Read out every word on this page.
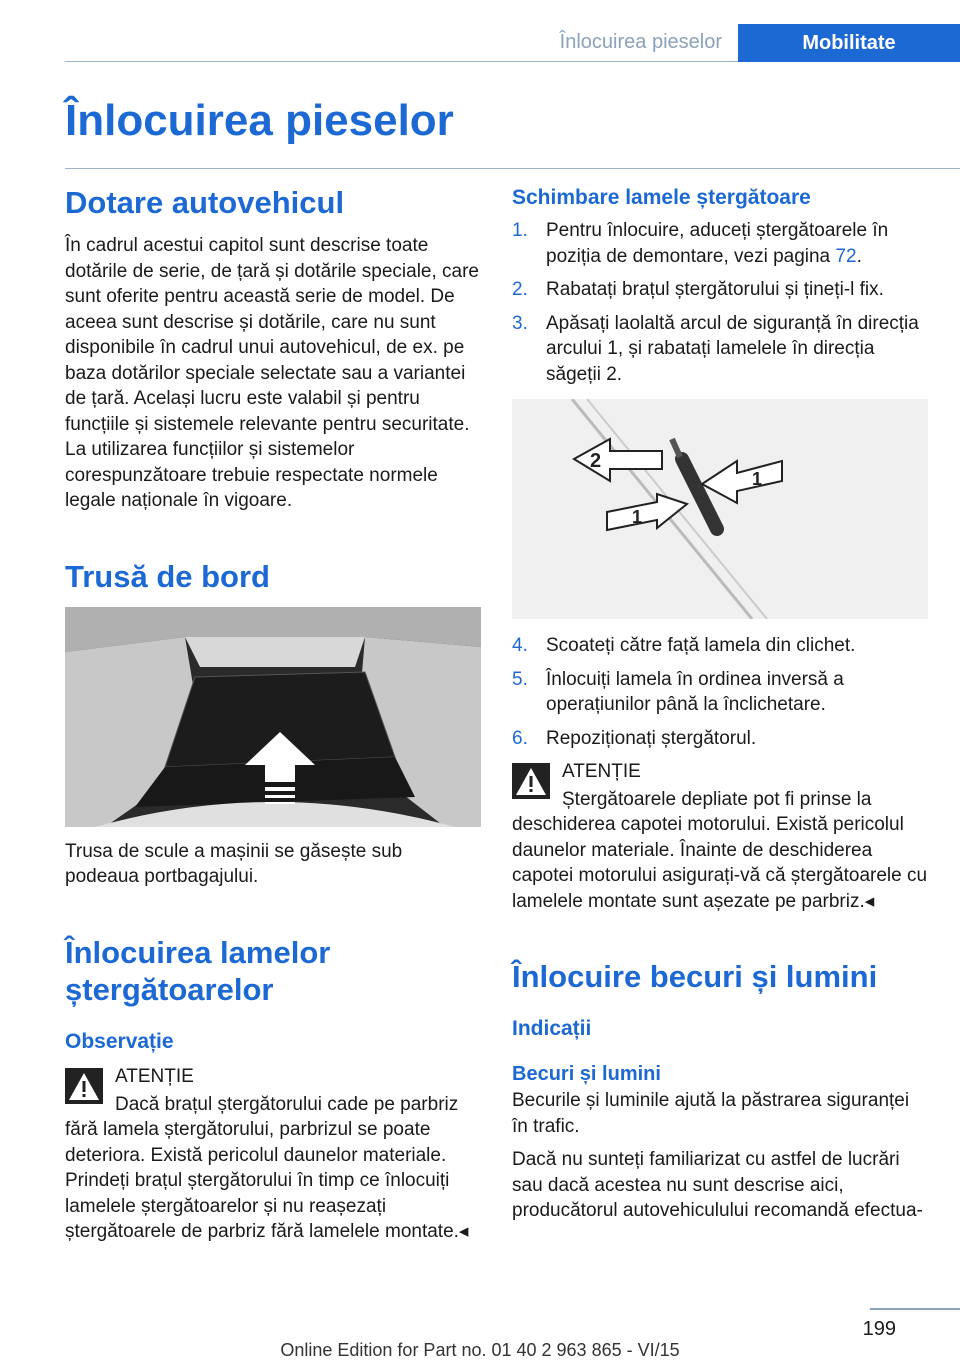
Înlocuirea pieselor	Mobilitate
Înlocuirea pieselor
Dotare autovehicul

În cadrul acestui capitol sunt descrise toate dotările de serie, de țară și dotările speciale, care sunt oferite pentru această serie de model. De aceea sunt descrise și dotările, care nu sunt disponibile în cadrul unui autovehicul, de ex. pe baza dotărilor speciale selectate sau a variantei de țară. Același lucru este valabil și pentru funcțiile și sistemele relevante pentru securitate. La utilizarea funcțiilor și sistemelor corespunzătoare trebuie respectate normele legale naționale în vigoare.

Trusă de bord

Trusa de scule a mașinii se găsește sub podeaua portbagajului.

Înlocuirea lamelor ștergătoarelor
Observație
ATENȚIE
Dacă brațul ștergătorului cade pe parbriz fără lamela ștergătorului, parbrizul se poate deteriora. Există pericolul daunelor materiale. Prindeți brațul ștergătorului în timp ce înlocuiți lamelele ștergătoarelor și nu reașezați ștergătoarele de parbriz fără lamelele montate.◂
Schimbare lamele ștergătoare
1. Pentru înlocuire, aduceți ștergătoarele în poziția de demontare, vezi pagina 72.
2. Rabatați brațul ștergătorului și țineți-l fix.
3. Apăsați laolaltă arcul de siguranță în direcția arcului 1, și rabatați lamelele în direcția săgeții 2.
2
1
1
4. Scoateți către față lamela din clichet.
5. Înlocuiți lamela în ordinea inversă a operațiunilor până la înclichetare.
6. Repoziționați ștergătorul.
ATENȚIE
Ștergătoarele depliate pot fi prinse la deschiderea capotei motorului. Există pericolul daunelor materiale. Înainte de deschiderea capotei motorului asigurați-vă că ștergătoarele cu lamelele montate sunt așezate pe parbriz.◂
Înlocuire becuri și lumini
Indicații
Becuri și lumini

Becurile și luminile ajută la păstrarea siguranței în trafic.

Dacă nu sunteți familiarizat cu astfel de lucrări sau dacă acestea nu sunt descrise aici, producătorul autovehiculului recomandă efectua-

199
Online Edition for Part no. 01 40 2 963 865 - VI/15
